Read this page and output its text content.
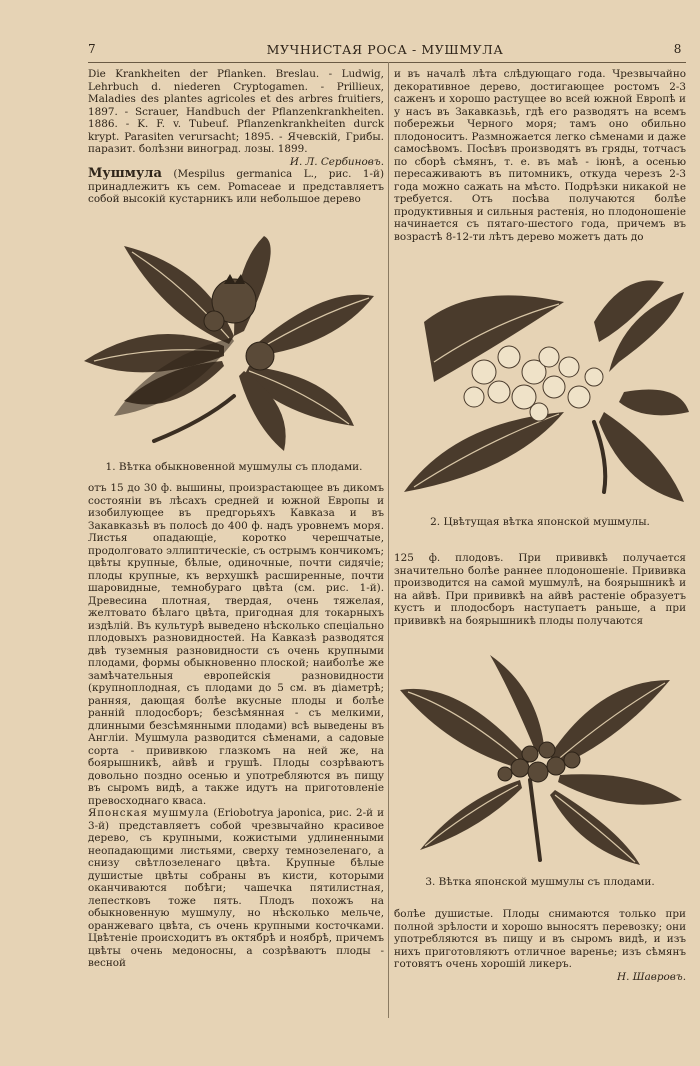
7	МУЧНИСТАЯ РОСА - МУШМУЛА	8

Die Krankheiten der Pflanken. Breslau. - Ludwig, Lehrbuch d. niederen Cryptogamen. - Prillieux, Maladies des plantes agricoles et des arbres fruitiers, 1897. - Scrauer, Handbuch der Pflanzenkrankheiten. 1886. - K. F. v. Tubeuf. Pflanzenkrankheiten durck krypt. Parasiten verursacht; 1895. - Ячевскій, Грибы. паразит. болѣзни виноград. лозы. 1899.

И. Л. Сербиновъ.

Мушмула (Mespilus germanica L., рис. 1-й) принадлежитъ къ сем. Pomaceae и представляетъ собой высокій кустарникъ или небольшое дерево

1. Вѣтка обыкновенной мушмулы съ плодами.

отъ 15 до 30 ф. вышины, произрастающее въ дикомъ состояніи въ лѣсахъ средней и южной Европы и изобилующее въ предгорьяхъ Кавказа и въ Закавказьѣ въ полосѣ до 400 ф. надъ уровнемъ моря. Листья опадающіе, коротко черешчатые, продолговато эллиптическіе, съ острымъ кончикомъ; цвѣты крупные, бѣлые, одиночные, почти сидячіе; плоды крупные, къ верхушкѣ расширенные, почти шаровидные, темнобураго цвѣта (см. рис. 1-й). Древесина плотная, твердая, очень тяжелая, желтовато бѣлаго цвѣта, пригодная для токарныхъ издѣлій. Въ культурѣ выведено нѣсколько спеціально плодовыхъ разновидностей. На Кавказѣ разводятся двѣ туземныя разновидности съ очень крупными плодами, формы обыкновенно плоской; наиболѣе же замѣчательныя европейскія разновидности (крупноплодная, съ плодами до 5 см. въ діаметрѣ; ранняя, дающая болѣе вкусные плоды и болѣе ранній плодосборъ; безсѣмянная - съ мелкими, длинными безсѣмянными плодами) всѣ выведены въ Англіи. Мушмула разводится сѣменами, а садовые сорта - прививкою глазкомъ на ней же, на боярышникѣ, айвѣ и грушѣ. Плоды созрѣваютъ довольно поздно осенью и употребляются въ пищу въ сыромъ видѣ, а также идутъ на приготовленіе превосходнаго кваса.

Японская мушмула (Eriobotrya japonica, рис. 2-й и 3-й) представляетъ собой чрезвычайно красивое дерево, съ крупными, кожистыми удлиненными неопадающими листьями, сверху темнозеленаго, а снизу свѣтлозеленаго цвѣта. Крупные бѣлые душистые цвѣты собраны въ кисти, которыми оканчиваются побѣги; чашечка пятилистная, лепестковъ тоже пять. Плодъ похожъ на обыкновенную мушмулу, но нѣсколько мельче, оранжеваго цвѣта, съ очень крупными косточками. Цвѣтеніе происходитъ въ октябрѣ и ноябрѣ, причемъ цвѣты очень медоносны, а созрѣваютъ плоды - весной

и въ началѣ лѣта слѣдующаго года. Чрезвычайно декоративное дерево, достигающее ростомъ 2-3 саженъ и хорошо растущее во всей южной Европѣ и у насъ въ Закавказьѣ, гдѣ его разводятъ на всемъ побережьи Черного моря; тамъ оно обильно плодоноситъ. Размножается легко сѣменами и даже самосѣвомъ. Посѣвъ производятъ въ гряды, тотчасъ по сборѣ сѣмянъ, т. е. въ маѣ - іюнѣ, а осенью пересаживаютъ въ питомникъ, откуда черезъ 2-3 года можно сажать на мѣсто. Подрѣзки никакой не требуется. Отъ посѣва получаются болѣе продуктивныя и сильныя растенія, но плодоношеніе начинается съ пятаго-шестого года, причемъ въ возрастѣ 8-12-ти лѣтъ дерево можетъ дать до

2. Цвѣтущая вѣтка японской мушмулы.

125 ф. плодовъ. При прививкѣ получается значительно болѣе раннее плодоношеніе. Прививка производится на самой мушмулѣ, на боярышникѣ и на айвѣ. При прививкѣ на айвѣ растеніе образуетъ кустъ и плодосборъ наступаетъ раньше, а при прививкѣ на боярышникѣ плоды получаются

3. Вѣтка японской мушмулы съ плодами.

болѣе душистые. Плоды снимаются только при полной зрѣлости и хорошо выносятъ перевозку; они употребляются въ пищу и въ сыромъ видѣ, и изъ нихъ приготовляютъ отличное варенье; изъ сѣмянъ готовятъ очень хорошій ликеръ.

Н. Шавровъ.
